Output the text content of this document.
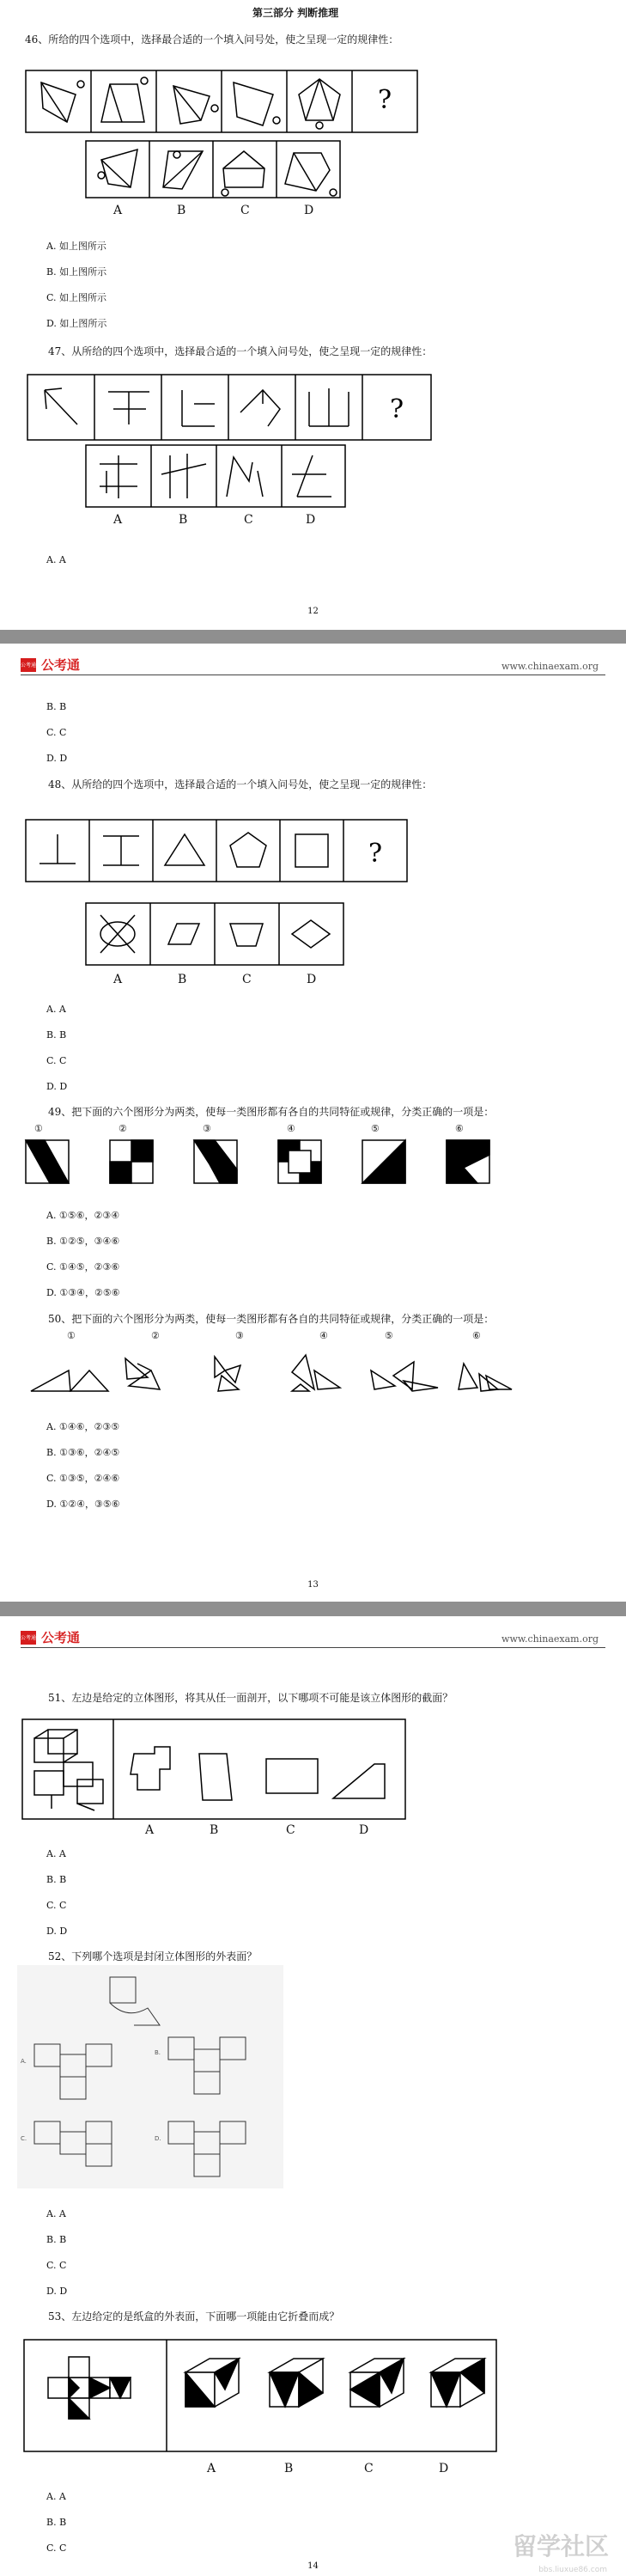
第三部分 判断推理
46、所给的四个选项中，选择最合适的一个填入问号处，使之呈现一定的规律性：
?
A	B	C	D
A. 如上图所示
B. 如上图所示
C. 如上图所示
D. 如上图所示
47、从所给的四个选项中，选择最合适的一个填入问号处，使之呈现一定的规律性：
?
A	B	C	D
A. A
12
公考通 公考通	www.chinaexam.org
B. B
C. C
D. D
48、从所给的四个选项中，选择最合适的一个填入问号处，使之呈现一定的规律性：
?
A	B	C	D
A. A
B. B
C. C
D. D
49、把下面的六个图形分为两类，使每一类图形都有各自的共同特征或规律，分类正确的一项是：
①	②	③	④	⑤	⑥
A. ①⑤⑥，②③④
B. ①②⑤，③④⑥
C. ①④⑤，②③⑥
D. ①③④，②⑤⑥
50、把下面的六个图形分为两类，使每一类图形都有各自的共同特征或规律，分类正确的一项是：
①	②	③	④	⑤	⑥
A. ①④⑥，②③⑤
B. ①③⑥，②④⑤
C. ①③⑤，②④⑥
D. ①②④，③⑤⑥
13
公考通 公考通	www.chinaexam.org
51、左边是给定的立体图形，将其从任一面剖开，以下哪项不可能是该立体图形的截面？
A	B	C	D
A. A
B. B
C. C
D. D
52、下列哪个选项是封闭立体图形的外表面？
A.
B.
C.	D.
A. A
B. B
C. C
D. D
53、左边给定的是纸盒的外表面，下面哪一项能由它折叠而成？
A	B	C	D
A. A
B. B
C. C
14
留学社区
bbs.liuxue86.com
